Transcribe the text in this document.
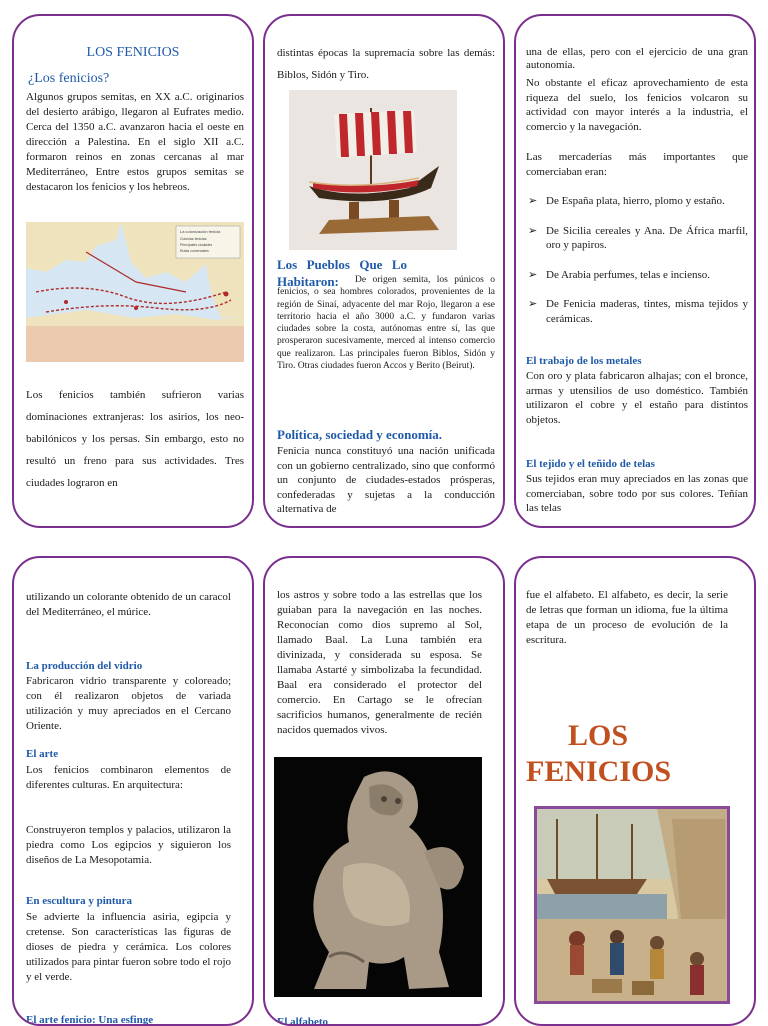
LOS FENICIOS

¿Los fenicios?

Algunos grupos semitas, en XX a.C. originarios del desierto arábigo, llegaron al Eufrates medio. Cerca del 1350 a.C. avanzaron hacia el oeste en dirección a Palestina. En el siglo XII a.C. formaron reinos en zonas cercanas al mar Mediterráneo, Entre estos grupos semitas se destacaron los fenicios y los hebreos.

La colonización fenicia
Colonias fenicias
Principales ciudades
Rutas comerciales

Los fenicios también sufrieron varias dominaciones extranjeras: los asirios, los neo-babilónicos y los persas. Sin embargo, esto no resultó un freno para sus actividades. Tres ciudades lograron en

distintas épocas la supremacía sobre las demás: Biblos, Sidón y Tiro.

Los Pueblos Que Lo Habitaron:	De origen semita, los púnicos o fenicios, o sea hombres colorados, provenientes de la región de Sinaí, adyacente del mar Rojo, llegaron a ese territorio hacia el año 3000 a.C. y fundaron varias ciudades sobre la costa, autónomas entre sí, las que prosperaron sucesivamente, merced al intenso comercio que realizaron. Las principales fueron Biblos, Sidón y Tiro. Otras ciudades fueron Accos y Berito (Beirut).

Política, sociedad y economía.

Fenicia nunca constituyó una nación unificada con un gobierno centralizado, sino que conformó un conjunto de ciudades-estados prósperas, confederadas y sujetas a la conducción alternativa de

una de ellas, pero con el ejercicio de una gran autonomía.

No obstante el eficaz aprovechamiento de esta riqueza del suelo, los fenicios volcaron su actividad con mayor interés a la industria, el comercio y la navegación.

Las mercaderías más importantes que comerciaban eran:

➢ De España plata, hierro, plomo y estaño.
➢ De Sicilia cereales y Ana. De África marfil, oro y papiros.
➢ De Arabia perfumes, telas e incienso.
➢ De Fenicia maderas, tintes, misma tejidos y cerámicas.

El trabajo de los metales

Con oro y plata fabricaron alhajas; con el bronce, armas y utensilios de uso doméstico. También utilizaron el cobre y el estaño para distintos objetos.

El tejido y el teñido de telas

Sus tejidos eran muy apreciados en las zonas que comerciaban, sobre todo por sus colores. Teñían las telas

utilizando un colorante obtenido de un caracol del Mediterráneo, el múrice.

La producción del vidrio

Fabricaron vidrio transparente y coloreado; con él realizaron objetos de variada utilización y muy apreciados en el Cercano Oriente.

El arte

Los fenicios combinaron elementos de diferentes culturas. En arquitectura:

Construyeron templos y palacios, utilizaron la piedra como Los egipcios y siguieron los diseños de La Mesopotamia.

En escultura y pintura

Se advierte la influencia asiria, egipcia y cretense. Son características las figuras de dioses de piedra y cerámica. Los colores utilizados para pintar fueron sobre todo el rojo y el verde.

El arte fenicio: Una esfinge

los astros y sobre todo a las estrellas que los guiaban para la navegación en las noches. Reconocían como dios supremo al Sol, llamado Baal. La Luna también era divinizada, y considerada su esposa. Se llamaba Astarté y simbolizaba la fecundidad. Baal era considerado el protector del comercio. En Cartago se le ofrecían sacrificios humanos, generalmente de recién nacidos quemados vivos.

El alfabeto

fue el alfabeto. El alfabeto, es decir, la serie de letras que forman un idioma, fue la última etapa de un proceso de evolución de la escritura.

LOS

FENICIOS
